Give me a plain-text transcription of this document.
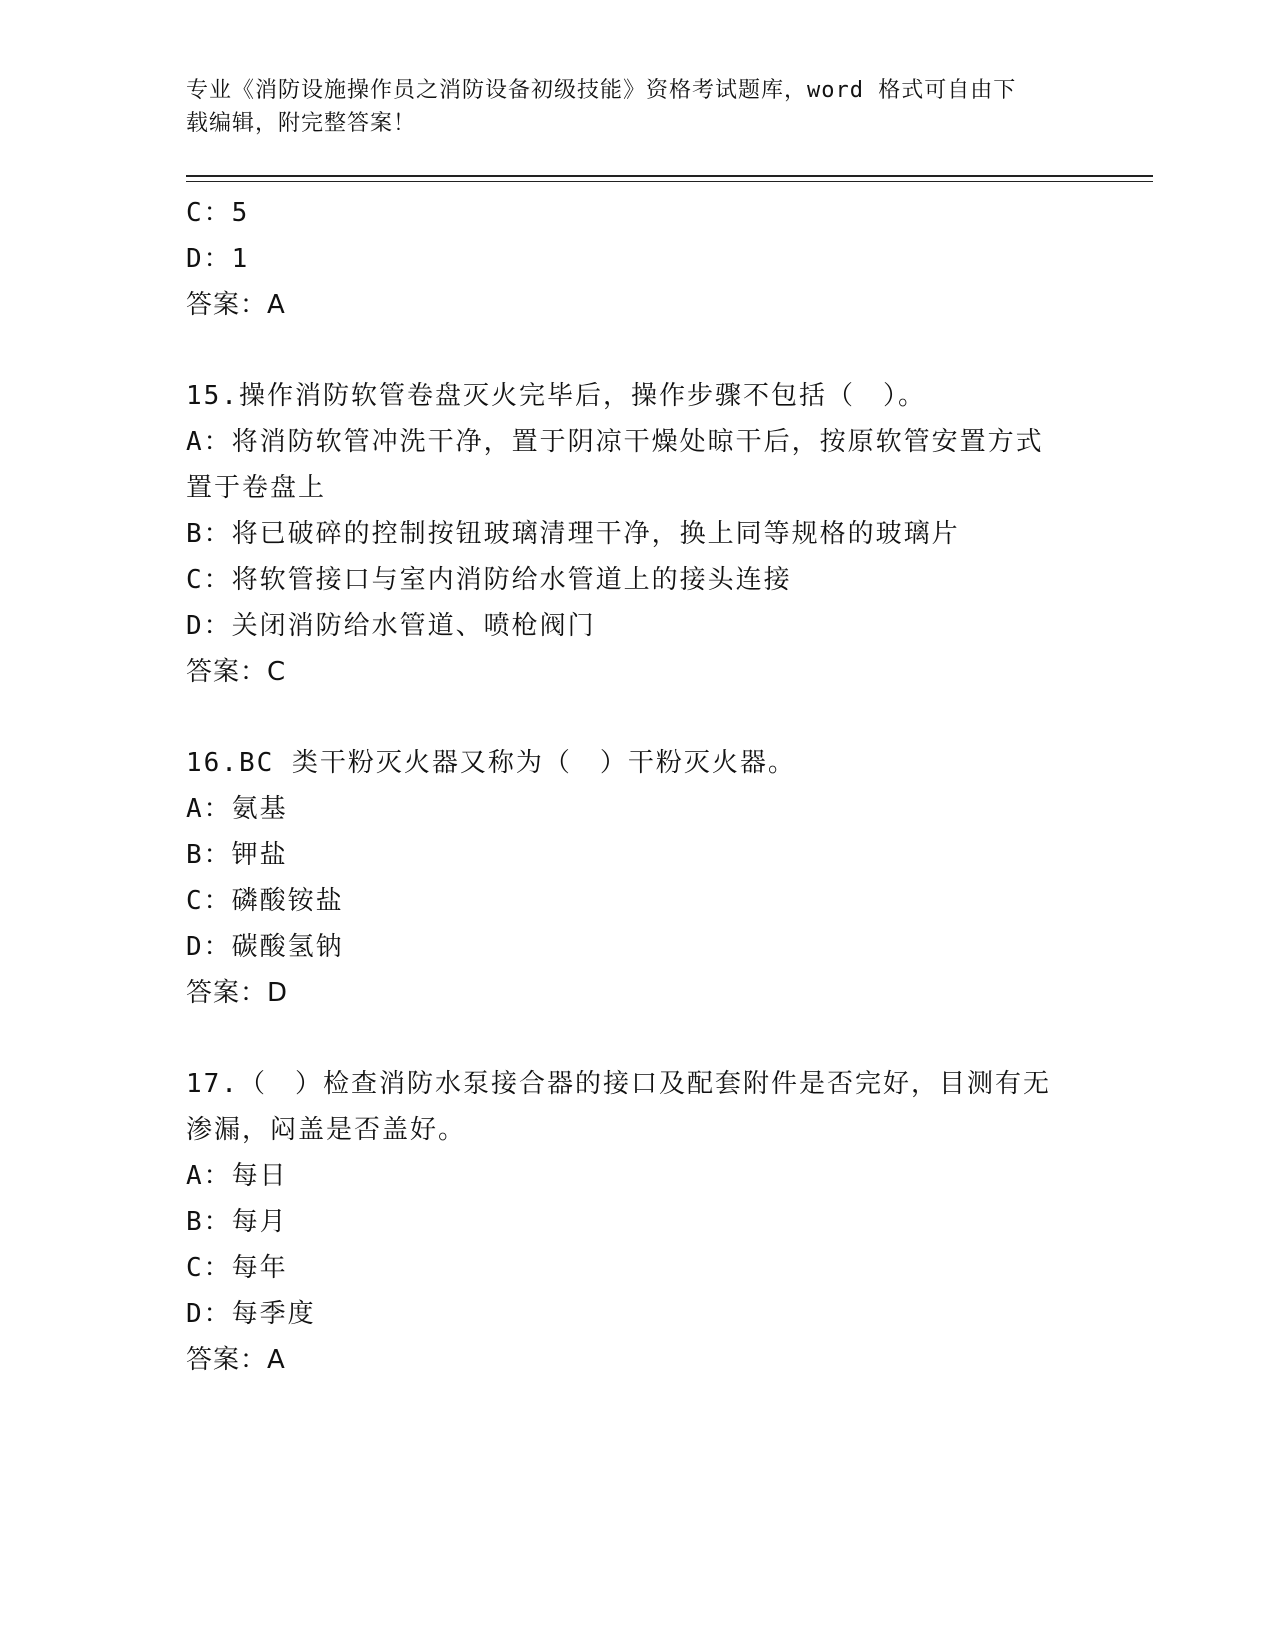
专业《消防设施操作员之消防设备初级技能》资格考试题库，word 格式可自由下
载编辑，附完整答案！
C：5
D：1
答案：A
15.操作消防软管卷盘灭火完毕后，操作步骤不包括（　）。
A：将消防软管冲洗干净，置于阴凉干燥处晾干后，按原软管安置方式
置于卷盘上
B：将已破碎的控制按钮玻璃清理干净，换上同等规格的玻璃片
C：将软管接口与室内消防给水管道上的接头连接
D：关闭消防给水管道、喷枪阀门
答案：C
16.BC 类干粉灭火器又称为（　）干粉灭火器。
A：氨基
B：钾盐
C：磷酸铵盐
D：碳酸氢钠
答案：D
17.（　）检查消防水泵接合器的接口及配套附件是否完好，目测有无
渗漏，闷盖是否盖好。
A：每日
B：每月
C：每年
D：每季度
答案：A
